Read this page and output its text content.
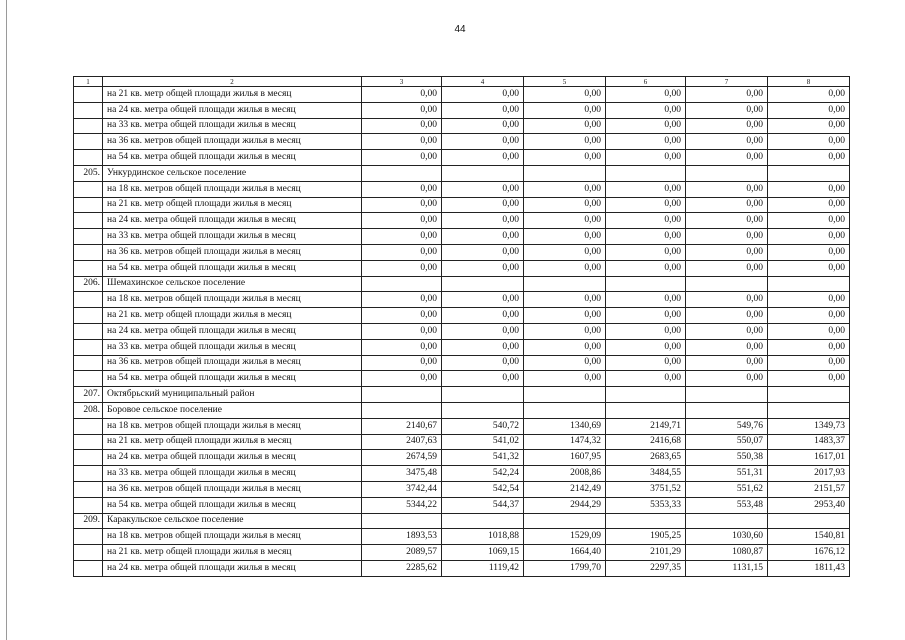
44
1	2	3	4	5	6	7	8
	на 21 кв. метр общей площади жилья в месяц	0,00	0,00	0,00	0,00	0,00	0,00
	на 24 кв. метра общей площади жилья в месяц	0,00	0,00	0,00	0,00	0,00	0,00
	на 33 кв. метра общей площади жилья в месяц	0,00	0,00	0,00	0,00	0,00	0,00
	на 36 кв. метров общей площади жилья в месяц	0,00	0,00	0,00	0,00	0,00	0,00
	на 54 кв. метра общей площади жилья в месяц	0,00	0,00	0,00	0,00	0,00	0,00
205.	Ункурдинское сельское поселение						
	на 18 кв. метров общей площади жилья в месяц	0,00	0,00	0,00	0,00	0,00	0,00
	на 21 кв. метр общей площади жилья в месяц	0,00	0,00	0,00	0,00	0,00	0,00
	на 24 кв. метра общей площади жилья в месяц	0,00	0,00	0,00	0,00	0,00	0,00
	на 33 кв. метра общей площади жилья в месяц	0,00	0,00	0,00	0,00	0,00	0,00
	на 36 кв. метров общей площади жилья в месяц	0,00	0,00	0,00	0,00	0,00	0,00
	на 54 кв. метра общей площади жилья в месяц	0,00	0,00	0,00	0,00	0,00	0,00
206.	Шемахинское сельское поселение						
	на 18 кв. метров общей площади жилья в месяц	0,00	0,00	0,00	0,00	0,00	0,00
	на 21 кв. метр общей площади жилья в месяц	0,00	0,00	0,00	0,00	0,00	0,00
	на 24 кв. метра общей площади жилья в месяц	0,00	0,00	0,00	0,00	0,00	0,00
	на 33 кв. метра общей площади жилья в месяц	0,00	0,00	0,00	0,00	0,00	0,00
	на 36 кв. метров общей площади жилья в месяц	0,00	0,00	0,00	0,00	0,00	0,00
	на 54 кв. метра общей площади жилья в месяц	0,00	0,00	0,00	0,00	0,00	0,00
207.	Октябрьский муниципальный район						
208.	Боровое сельское поселение						
	на 18 кв. метров общей площади жилья в месяц	2140,67	540,72	1340,69	2149,71	549,76	1349,73
	на 21 кв. метр общей площади жилья в месяц	2407,63	541,02	1474,32	2416,68	550,07	1483,37
	на 24 кв. метра общей площади жилья в месяц	2674,59	541,32	1607,95	2683,65	550,38	1617,01
	на 33 кв. метра общей площади жилья в месяц	3475,48	542,24	2008,86	3484,55	551,31	2017,93
	на 36 кв. метров общей площади жилья в месяц	3742,44	542,54	2142,49	3751,52	551,62	2151,57
	на 54 кв. метра общей площади жилья в месяц	5344,22	544,37	2944,29	5353,33	553,48	2953,40
209.	Каракульское сельское поселение						
	на 18 кв. метров общей площади жилья в месяц	1893,53	1018,88	1529,09	1905,25	1030,60	1540,81
	на 21 кв. метр общей площади жилья в месяц	2089,57	1069,15	1664,40	2101,29	1080,87	1676,12
	на 24 кв. метра общей площади жилья в месяц	2285,62	1119,42	1799,70	2297,35	1131,15	1811,43
